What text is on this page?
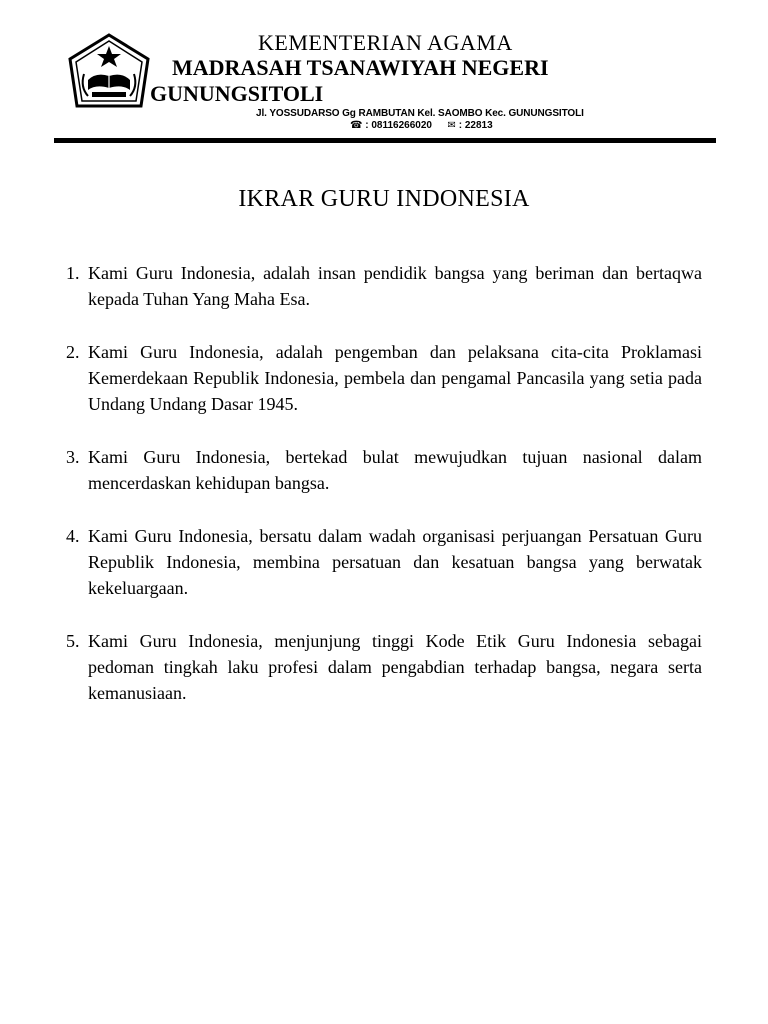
KEMENTERIAN AGAMA
MADRASAH TSANAWIYAH NEGERI
GUNUNGSITOLI
Jl. YOSSUDARSO Gg RAMBUTAN Kel. SAOMBO Kec. GUNUNGSITOLI
☎ : 08116266020 ✉ : 22813
IKRAR GURU INDONESIA
1. Kami Guru Indonesia, adalah insan pendidik bangsa yang beriman dan bertaqwa kepada Tuhan Yang Maha Esa.
2. Kami Guru Indonesia, adalah pengemban dan pelaksana cita-cita Proklamasi Kemerdekaan Republik Indonesia, pembela dan pengamal Pancasila yang setia pada Undang Undang Dasar 1945.
3. Kami Guru Indonesia, bertekad bulat mewujudkan tujuan nasional dalam mencerdaskan kehidupan bangsa.
4. Kami Guru Indonesia, bersatu dalam wadah organisasi perjuangan Persatuan Guru Republik Indonesia, membina persatuan dan kesatuan bangsa yang berwatak kekeluargaan.
5. Kami Guru Indonesia, menjunjung tinggi Kode Etik Guru Indonesia sebagai pedoman tingkah laku profesi dalam pengabdian terhadap bangsa, negara serta kemanusiaan.
